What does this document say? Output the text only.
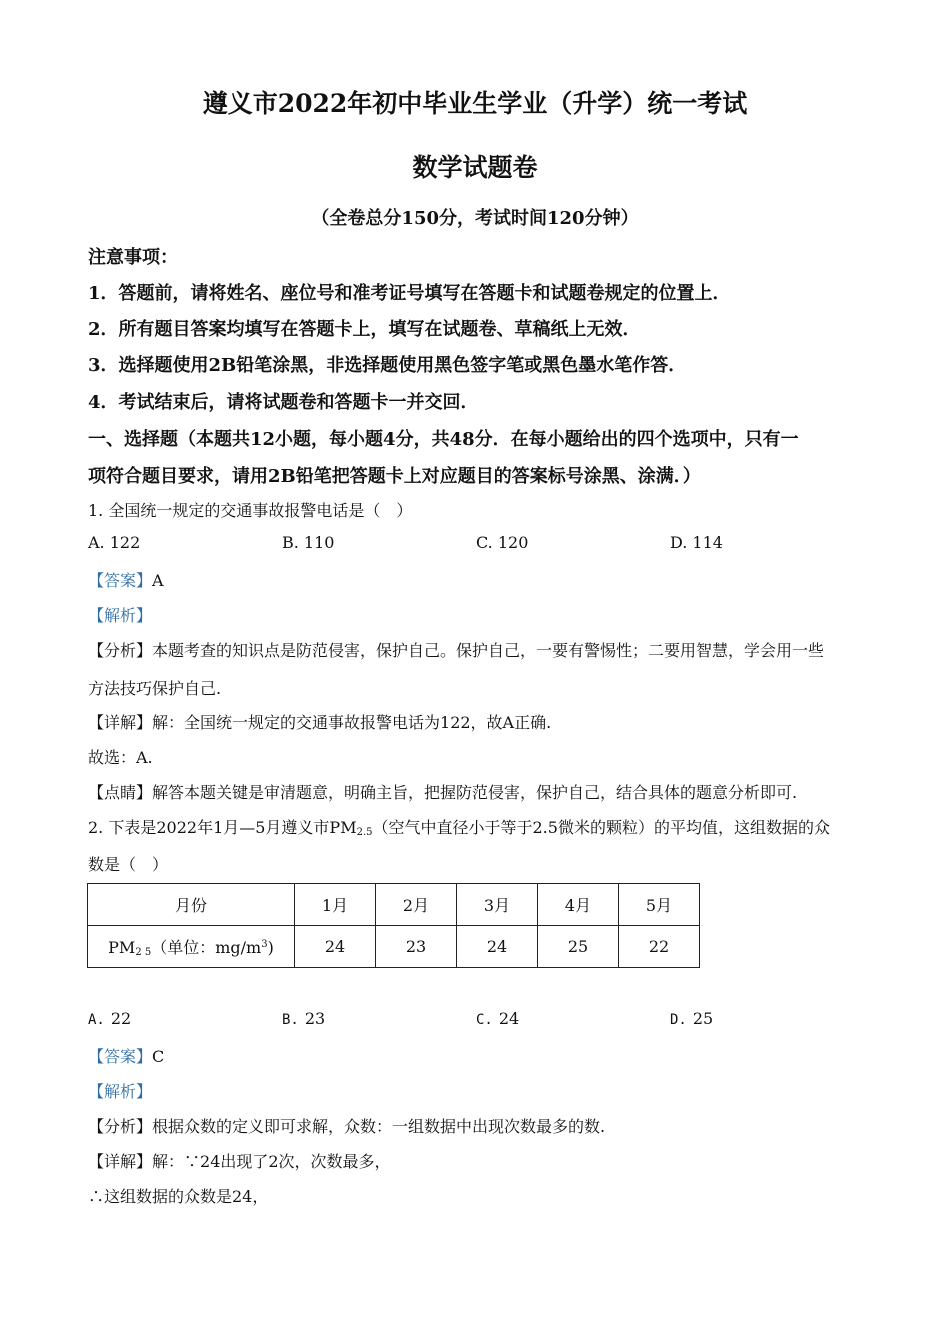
遵义市2022年初中毕业生学业（升学）统一考试
数学试题卷
（全卷总分150分，考试时间120分钟）
注意事项：
1．答题前，请将姓名、座位号和准考证号填写在答题卡和试题卷规定的位置上．
2．所有题目答案均填写在答题卡上，填写在试题卷、草稿纸上无效．
3．选择题使用2B铅笔涂黑，非选择题使用黑色签字笔或黑色墨水笔作答．
4．考试结束后，请将试题卷和答题卡一并交回．
一、选择题（本题共12小题，每小题4分，共48分．在每小题给出的四个选项中，只有一
项符合题目要求，请用2B铅笔把答题卡上对应题目的答案标号涂黑、涂满．）
1. 全国统一规定的交通事故报警电话是（　）
A. 122	B. 110	C. 120	D. 114
【答案】A
【解析】
【分析】本题考查的知识点是防范侵害，保护自己。保护自己，一要有警惕性；二要用智慧，学会用一些
方法技巧保护自己.
【详解】解：全国统一规定的交通事故报警电话为122，故A正确.
故选：A.
【点睛】解答本题关键是审清题意，明确主旨，把握防范侵害，保护自己，结合具体的题意分析即可.
2. 下表是2022年1月—5月遵义市$PM_{2.5}$（空气中直径小于等于2.5微米的颗粒）的平均值，这组数据的众
数是（　）
月份	1月	2月	3月	4月	5月
$PM_{2 5}$（单位：$mg/m^3$)	24	23	24	25	22
A. 22	B. 23	C. 24	D. 25
【答案】C
【解析】
【分析】根据众数的定义即可求解，众数：一组数据中出现次数最多的数.
【详解】解：∵24出现了2次，次数最多，
∴这组数据的众数是24，
